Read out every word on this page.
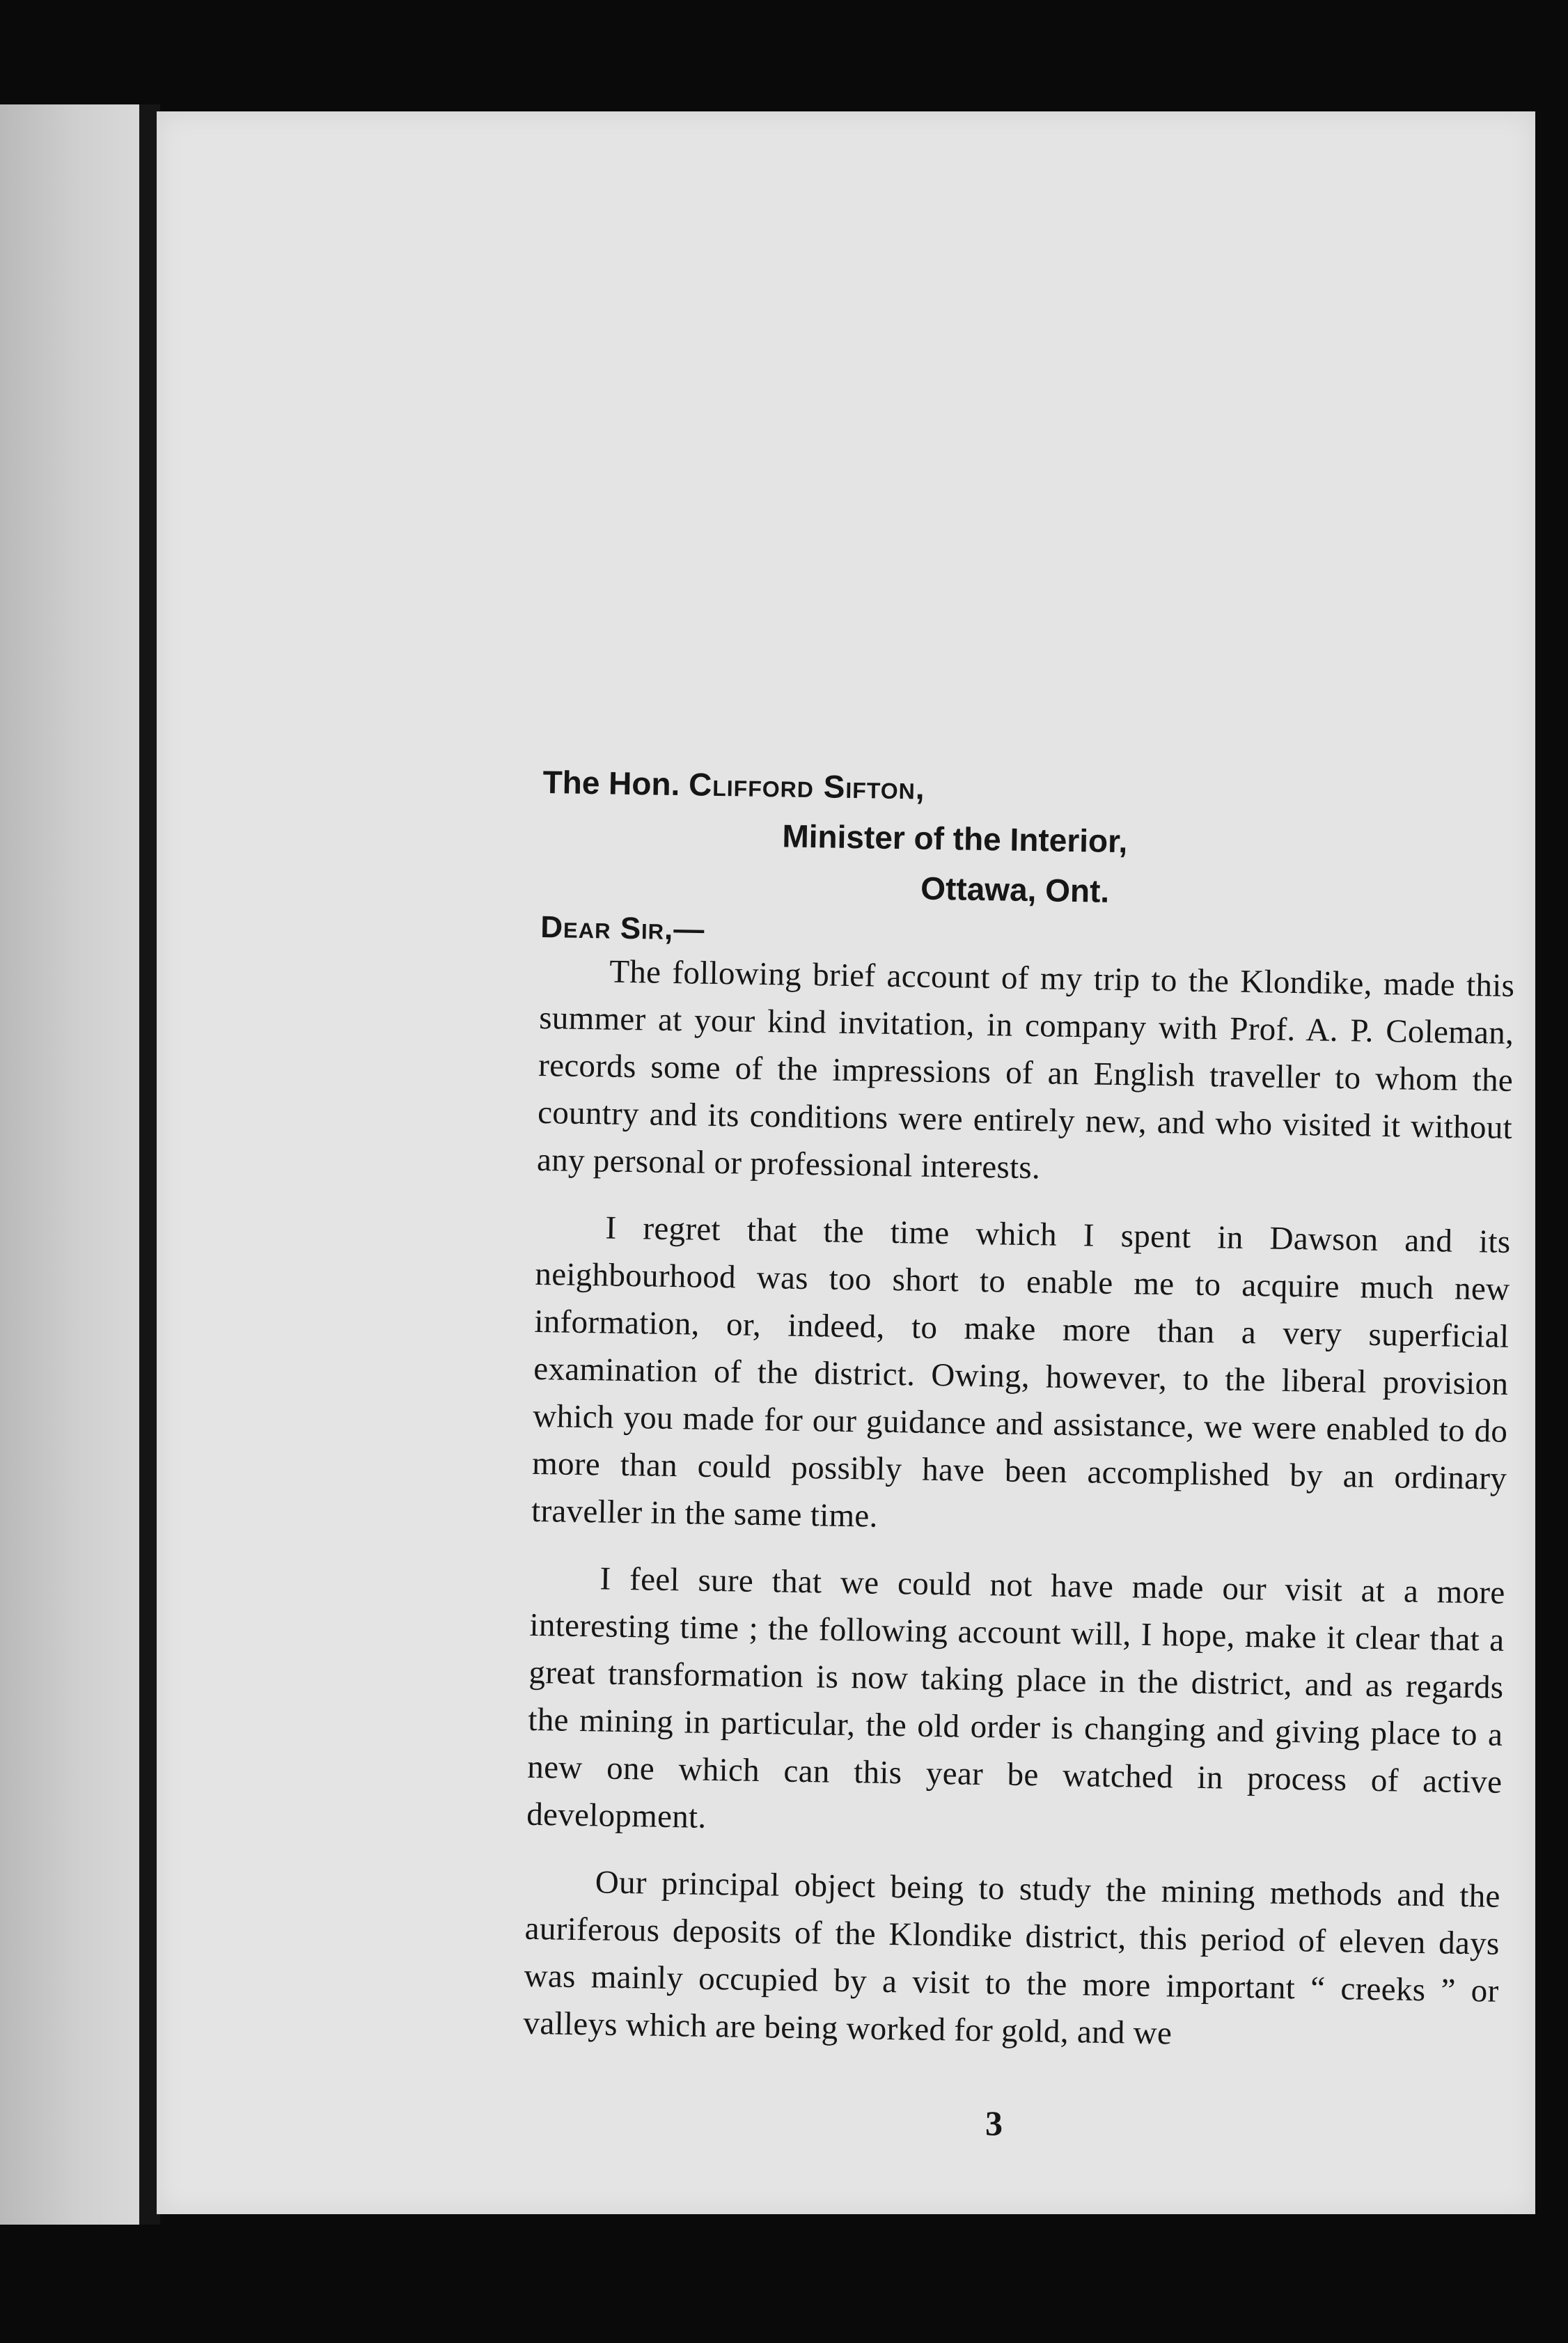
The Hon. Clifford Sifton,
Minister of the Interior,
Ottawa, Ont.
Dear Sir,—

The following brief account of my trip to the Klondike, made this summer at your kind invitation, in company with Prof. A. P. Coleman, records some of the impressions of an English traveller to whom the country and its conditions were entirely new, and who visited it without any personal or professional interests.

I regret that the time which I spent in Dawson and its neighbourhood was too short to enable me to acquire much new information, or, indeed, to make more than a very superficial examination of the district. Owing, however, to the liberal provision which you made for our guidance and assistance, we were enabled to do more than could possibly have been accomplished by an ordinary traveller in the same time.

I feel sure that we could not have made our visit at a more interesting time ; the following account will, I hope, make it clear that a great transformation is now taking place in the district, and as regards the mining in particular, the old order is changing and giving place to a new one which can this year be watched in process of active development.

Our principal object being to study the mining methods and the auriferous deposits of the Klondike district, this period of eleven days was mainly occupied by a visit to the more important “ creeks ” or valleys which are being worked for gold, and we

3
